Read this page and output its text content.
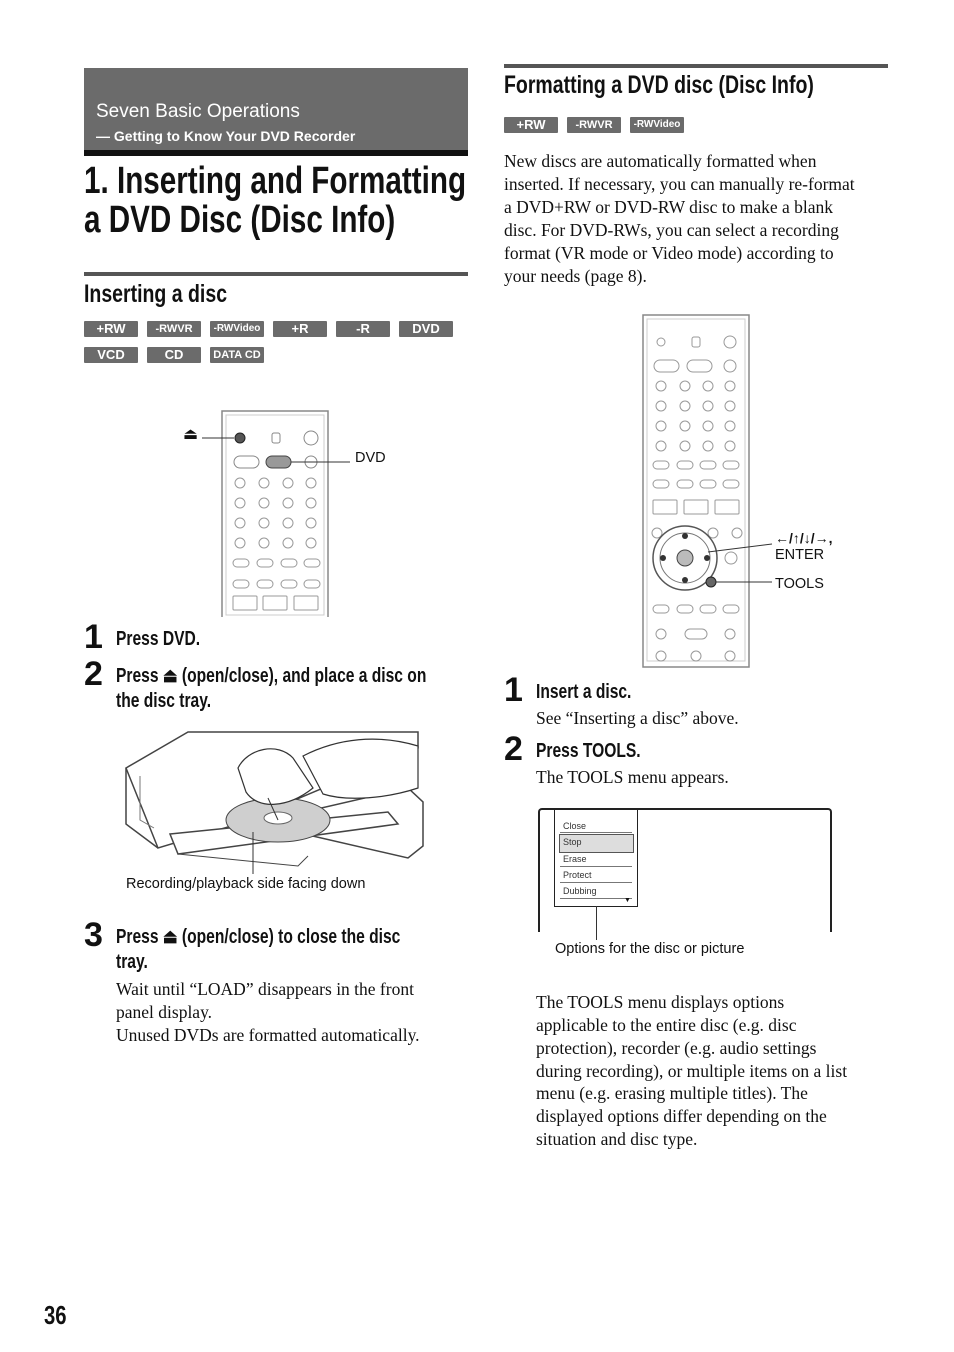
Seven Basic Operations
— Getting to Know Your DVD Recorder
1. Inserting and Formatting
a DVD Disc (Disc Info)
Inserting a disc
+RW	-RWVR	-RWVideo	+R	-R	DVD
VCD	CD	DATA CD
⏏
DVD
1 Press DVD.
2 Press ⏏ (open/close), and place a disc on
the disc tray.
Recording/playback side facing down
3 Press ⏏ (open/close) to close the disc
tray.
Wait until “LOAD” disappears in the front
panel display.
Unused DVDs are formatted automatically.
Formatting a DVD disc (Disc Info)
+RW	-RWVR	-RWVideo
New discs are automatically formatted when
inserted. If necessary, you can manually re-format
a DVD+RW or DVD-RW disc to make a blank
disc. For DVD-RWs, you can select a recording
format (VR mode or Video mode) according to
your needs (page 8).
←/↑/↓/→,
ENTER
TOOLS
1 Insert a disc.
See “Inserting a disc” above.
2 Press TOOLS.
The TOOLS menu appears.
Close
Stop
Erase
Protect
Dubbing
▼
Options for the disc or picture
The TOOLS menu displays options
applicable to the entire disc (e.g. disc
protection), recorder (e.g. audio settings
during recording), or multiple items on a list
menu (e.g. erasing multiple titles). The
displayed options differ depending on the
situation and disc type.
36
